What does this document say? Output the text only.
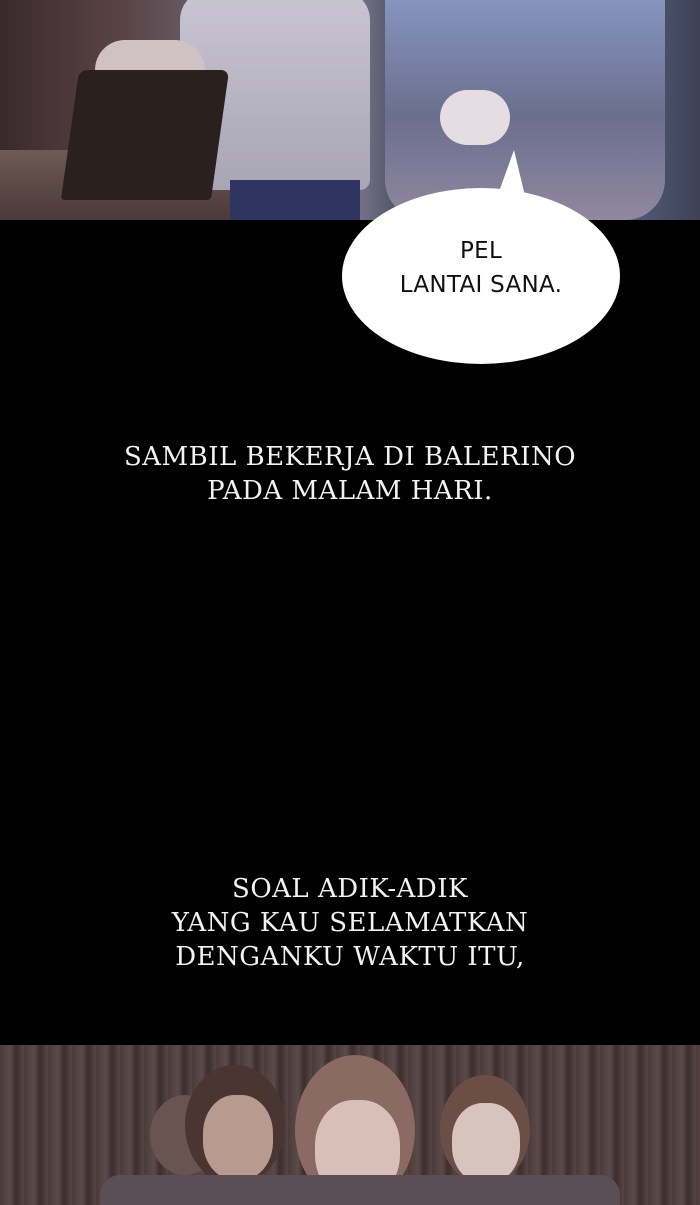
PEL
LANTAI SANA.
SAMBIL BEKERJA DI BALERINO
PADA MALAM HARI.
SOAL ADIK-ADIK
YANG KAU SELAMATKAN
DENGANKU WAKTU ITU,
